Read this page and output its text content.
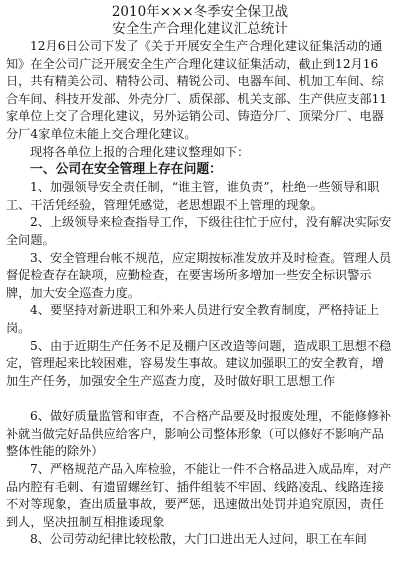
2010年×××冬季安全保卫战

安全生产合理化建议汇总统计

12月6日公司下发了《关于开展安全生产合理化建议征集活动的通知》在全公司广泛开展安全生产合理化建议征集活动，截止到12月16日，共有精美公司、精特公司、精锐公司、电器车间、机加工车间、综合车间、科技开发部、外壳分厂、质保部、机关支部、生产供应支部11家单位上交了合理化建议，另外运销公司、铸造分厂、顶梁分厂、电器分厂4家单位未能上交合理化建议。

现将各单位上报的合理化建议整理如下：

一、公司在安全管理上存在问题：

1、加强领导安全责任制，“谁主管，谁负责”，杜绝一些领导和职工、干活凭经验，管理凭感觉，老思想跟不上管理的现象。

2、上级领导来检查指导工作，下级往往忙于应付，没有解决实际安全问题。

3、安全管理台帐不规范，应定期按标准发放并及时检查。管理人员督促检查存在缺项，应勤检查，在要害场所多增加一些安全标识警示牌，加大安全巡查力度。

4、要坚持对新进职工和外来人员进行安全教育制度，严格持证上岗。

5、由于近期生产任务不足及棚户区改造等问题，造成职工思想不稳定，管理起来比较困难，容易发生事故。建议加强职工的安全教育，增加生产任务，加强安全生产巡查力度，及时做好职工思想工作

6、做好质量监管和审查，不合格产品要及时报废处理，不能修修补补就当做完好品供应给客户，影响公司整体形象（可以修好不影响产品整体性能的除外）

7、严格规范产品入库检验，不能让一件不合格品进入成品库，对产品内腔有毛刺、有遗留螺丝钉、插件组装不牢固、线路凌乱、线路连接不对等现象，查出质量事故，要严惩，迅速做出处罚并追究原因，责任到人，坚决扭制互相推诿现象

8、公司劳动纪律比较松散，大门口进出无人过问，职工在车间
